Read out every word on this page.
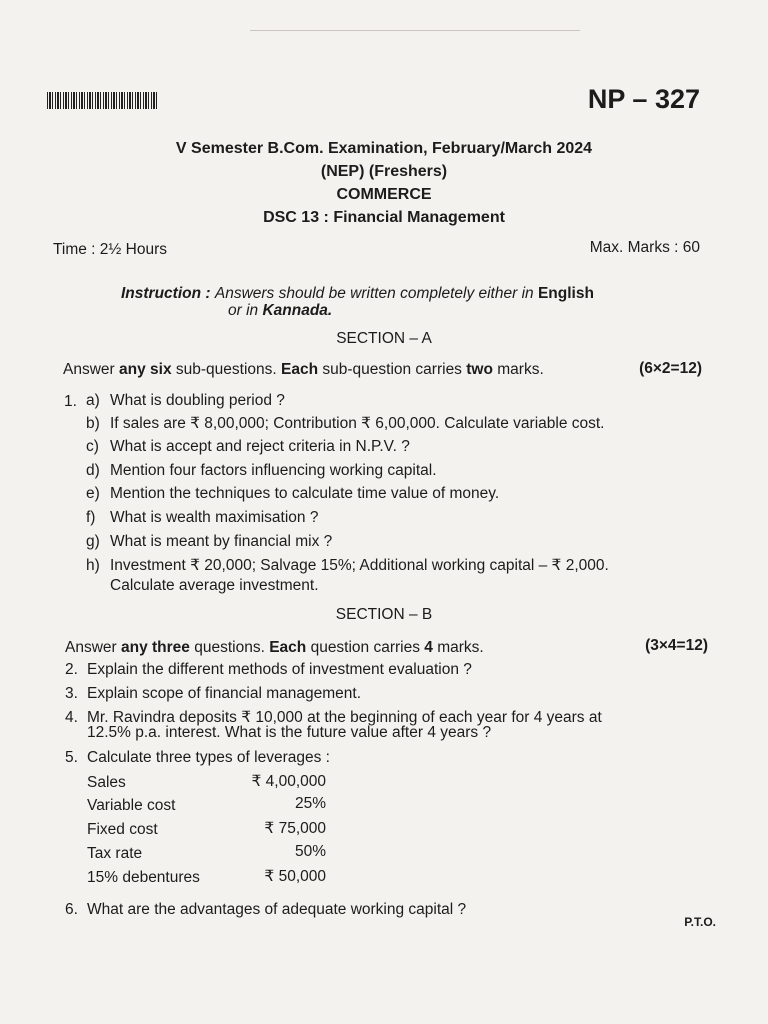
NP – 327
V Semester B.Com. Examination, February/March 2024
(NEP) (Freshers)
COMMERCE
DSC 13 : Financial Management
Time : 2½ Hours	Max. Marks : 60
Instruction : Answers should be written completely either in English
or in Kannada.
SECTION – A
Answer any six sub-questions. Each sub-question carries two marks.	(6×2=12)
1. a) What is doubling period ?
b) If sales are ₹ 8,00,000; Contribution ₹ 6,00,000. Calculate variable cost.
c) What is accept and reject criteria in N.P.V. ?
d) Mention four factors influencing working capital.
e) Mention the techniques to calculate time value of money.
f) What is wealth maximisation ?
g) What is meant by financial mix ?
h) Investment ₹ 20,000; Salvage 15%; Additional working capital – ₹ 2,000.
Calculate average investment.
SECTION – B
Answer any three questions. Each question carries 4 marks.	(3×4=12)
2. Explain the different methods of investment evaluation ?
3. Explain scope of financial management.
4. Mr. Ravindra deposits ₹ 10,000 at the beginning of each year for 4 years at
12.5% p.a. interest. What is the future value after 4 years ?
5. Calculate three types of leverages :
Sales	₹ 4,00,000
Variable cost	25%
Fixed cost	₹ 75,000
Tax rate	50%
15% debentures	₹ 50,000
6. What are the advantages of adequate working capital ?
P.T.O.
